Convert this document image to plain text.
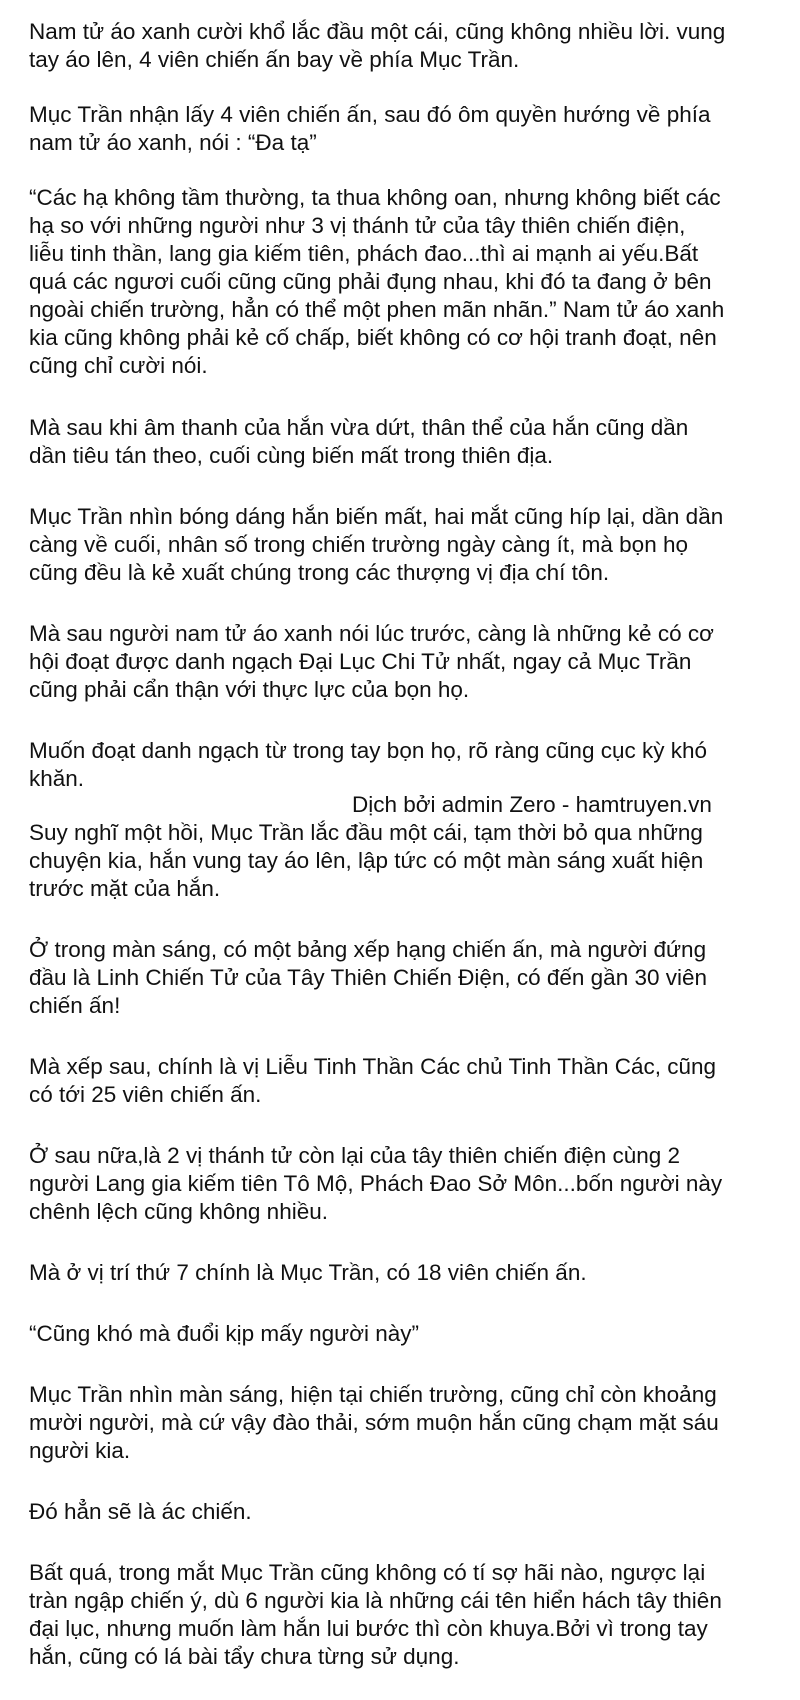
Nam tử áo xanh cười khổ lắc đầu một cái, cũng không nhiều lời. vung

tay áo lên, 4 viên chiến ấn bay về phía Mục Trần.

Mục Trần nhận lấy 4 viên chiến ấn, sau đó ôm quyền hướng về phía

nam tử áo xanh, nói : “Đa tạ”

“Các hạ không tầm thường, ta thua không oan, nhưng không biết các

hạ so với những người như 3 vị thánh tử của tây thiên chiến điện,

liễu tinh thần, lang gia kiếm tiên, phách đao...thì ai mạnh ai yếu.Bất

quá các ngươi cuối cũng cũng phải đụng nhau, khi đó ta đang ở bên

ngoài chiến trường, hẳn có thể một phen mãn nhãn.” Nam tử áo xanh

kia cũng không phải kẻ cố chấp, biết không có cơ hội tranh đoạt, nên

cũng chỉ cười nói.

Mà sau khi âm thanh của hắn vừa dứt, thân thể của hắn cũng dần

dần tiêu tán theo, cuối cùng biến mất trong thiên địa.

Mục Trần nhìn bóng dáng hắn biến mất, hai mắt cũng híp lại, dần dần

càng về cuối, nhân số trong chiến trường ngày càng ít, mà bọn họ

cũng đều là kẻ xuất chúng trong các thượng vị địa chí tôn.

Mà sau người nam tử áo xanh nói lúc trước, càng là những kẻ có cơ

hội đoạt được danh ngạch Đại Lục Chi Tử nhất, ngay cả Mục Trần

cũng phải cẩn thận với thực lực của bọn họ.

Muốn đoạt danh ngạch từ trong tay bọn họ, rõ ràng cũng cục kỳ khó

khăn.

Dịch bởi admin Zero - hamtruyen.vn

Suy nghĩ một hồi, Mục Trần lắc đầu một cái, tạm thời bỏ qua những

chuyện kia, hắn vung tay áo lên, lập tức có một màn sáng xuất hiện

trước mặt của hắn.

Ở trong màn sáng, có một bảng xếp hạng chiến ấn, mà người đứng

đầu là Linh Chiến Tử của Tây Thiên Chiến Điện, có đến gần 30 viên

chiến ấn!

Mà xếp sau, chính là vị Liễu Tinh Thần Các chủ Tinh Thần Các, cũng

có tới 25 viên chiến ấn.

Ở sau nữa,là 2 vị thánh tử còn lại của tây thiên chiến điện cùng 2

người Lang gia kiếm tiên Tô Mộ, Phách Đao Sở Môn...bốn người này

chênh lệch cũng không nhiều.

Mà ở vị trí thứ 7 chính là Mục Trần, có 18 viên chiến ấn.

“Cũng khó mà đuổi kịp mấy người này”

Mục Trần nhìn màn sáng, hiện tại chiến trường, cũng chỉ còn khoảng

mười người, mà cứ vậy đào thải, sớm muộn hắn cũng chạm mặt sáu

người kia.

Đó hẳn sẽ là ác chiến.

Bất quá, trong mắt Mục Trần cũng không có tí sợ hãi nào, ngược lại

tràn ngập chiến ý, dù 6 người kia là những cái tên hiển hách tây thiên

đại lục, nhưng muốn làm hắn lui bước thì còn khuya.Bởi vì trong tay

hắn, cũng có lá bài tẩy chưa từng sử dụng.
